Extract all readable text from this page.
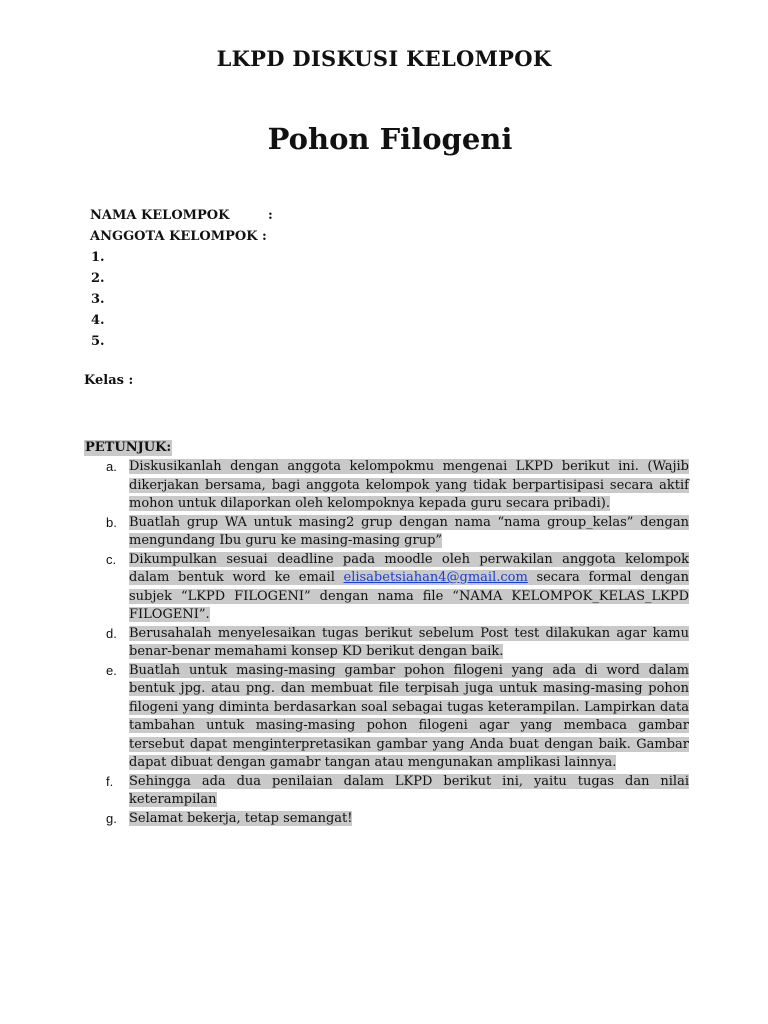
LKPD DISKUSI KELOMPOK
Pohon Filogeni
NAMA KELOMPOK	:
ANGGOTA KELOMPOK :
1.
2.
3.
4.
5.
Kelas :
PETUNJUK:
a. Diskusikanlah dengan anggota kelompokmu mengenai LKPD berikut ini. (Wajib dikerjakan bersama, bagi anggota kelompok yang tidak berpartisipasi secara aktif mohon untuk dilaporkan oleh kelompoknya kepada guru secara pribadi).
b. Buatlah grup WA untuk masing2 grup dengan nama “nama group_kelas” dengan mengundang Ibu guru ke masing-masing grup”
c. Dikumpulkan sesuai deadline pada moodle oleh perwakilan anggota kelompok dalam bentuk word ke email elisabetsiahan4@gmail.com secara formal dengan subjek “LKPD FILOGENI” dengan nama file “NAMA KELOMPOK_KELAS_LKPD FILOGENI”.
d. Berusahalah menyelesaikan tugas berikut sebelum Post test dilakukan agar kamu benar-benar memahami konsep KD berikut dengan baik.
e. Buatlah untuk masing-masing gambar pohon filogeni yang ada di word dalam bentuk jpg. atau png. dan membuat file terpisah juga untuk masing-masing pohon filogeni yang diminta berdasarkan soal sebagai tugas keterampilan. Lampirkan data tambahan untuk masing-masing pohon filogeni agar yang membaca gambar tersebut dapat menginterpretasikan gambar yang Anda buat dengan baik. Gambar dapat dibuat dengan gamabr tangan atau mengunakan amplikasi lainnya.
f. Sehingga ada dua penilaian dalam LKPD berikut ini, yaitu tugas dan nilai keterampilan
g. Selamat bekerja, tetap semangat!
